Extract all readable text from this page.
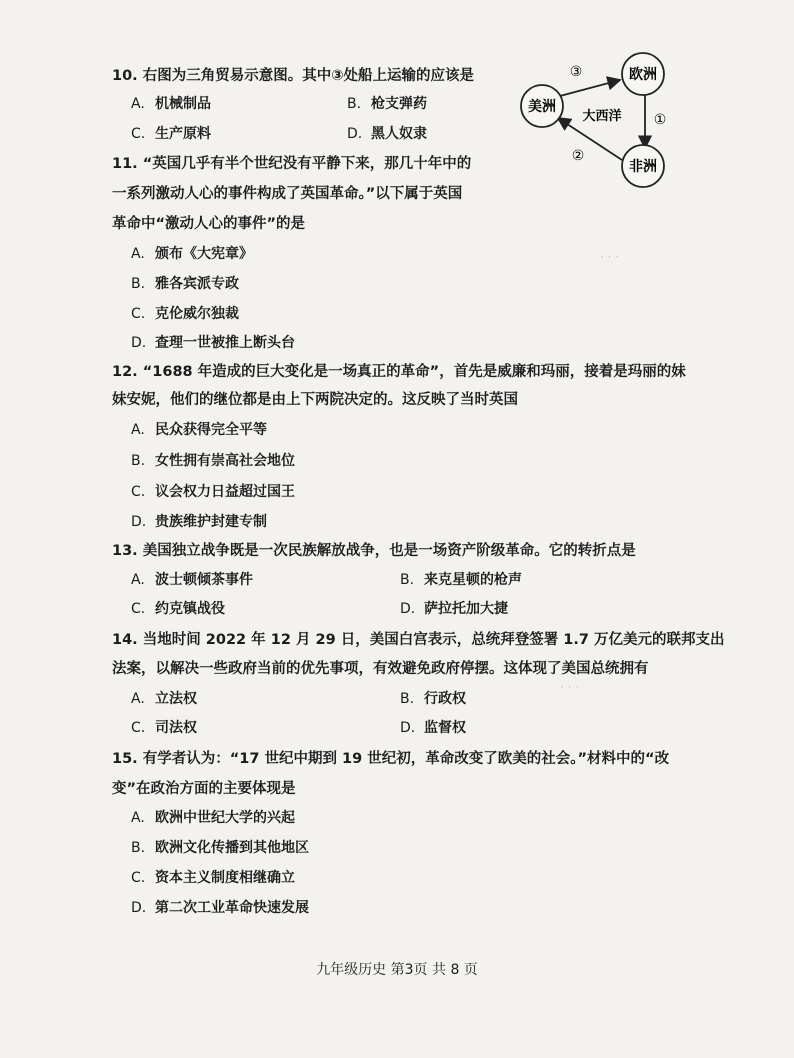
· · ·
· · ·
10. 右图为三角贸易示意图。其中③处船上运输的应该是
A. 机械制品	B. 枪支弹药
C. 生产原料	D. 黑人奴隶
美洲
欧洲
非洲
大西洋
③
①
②
11. “英国几乎有半个世纪没有平静下来，那几十年中的
一系列激动人心的事件构成了英国革命。”以下属于英国
革命中“激动人心的事件”的是
A. 颁布《大宪章》
B. 雅各宾派专政
C. 克伦威尔独裁
D. 查理一世被推上断头台
12. “1688 年造成的巨大变化是一场真正的革命”，首先是威廉和玛丽，接着是玛丽的妹
妹安妮，他们的继位都是由上下两院决定的。这反映了当时英国
A. 民众获得完全平等
B. 女性拥有崇高社会地位
C. 议会权力日益超过国王
D. 贵族维护封建专制
13. 美国独立战争既是一次民族解放战争，也是一场资产阶级革命。它的转折点是
A. 波士顿倾茶事件	B. 来克星顿的枪声
C. 约克镇战役	D. 萨拉托加大捷
14. 当地时间 2022 年 12 月 29 日，美国白宫表示，总统拜登签署 1.7 万亿美元的联邦支出
法案，以解决一些政府当前的优先事项，有效避免政府停摆。这体现了美国总统拥有
A. 立法权	B. 行政权
C. 司法权	D. 监督权
15. 有学者认为：“17 世纪中期到 19 世纪初，革命改变了欧美的社会。”材料中的“改
变”在政治方面的主要体现是
A. 欧洲中世纪大学的兴起
B. 欧洲文化传播到其他地区
C. 资本主义制度相继确立
D. 第二次工业革命快速发展
九年级历史 第3页 共 8 页
